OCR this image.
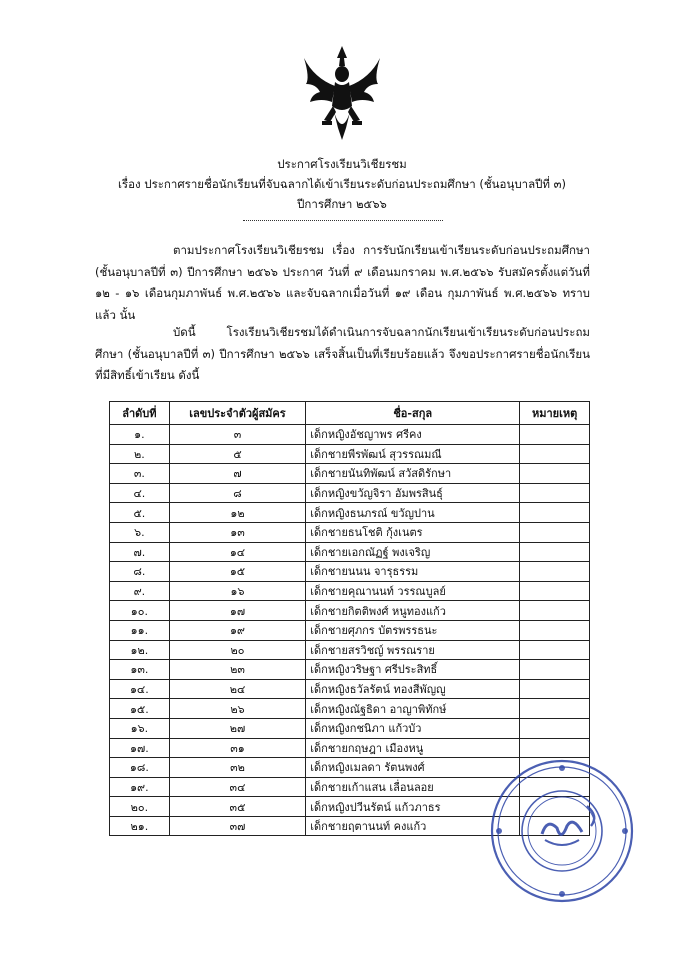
ประกาศโรงเรียนวิเชียรชม
เรื่อง ประกาศรายชื่อนักเรียนที่จับฉลากได้เข้าเรียนระดับก่อนประถมศึกษา (ชั้นอนุบาลปีที่ ๓)
ปีการศึกษา ๒๕๖๖
ตามประกาศโรงเรียนวิเชียรชม เรื่อง การรับนักเรียนเข้าเรียนระดับก่อนประถมศึกษา (ชั้นอนุบาลปีที่ ๓) ปีการศึกษา ๒๕๖๖ ประกาศ วันที่ ๙ เดือนมกราคม พ.ศ.๒๕๖๖ รับสมัครตั้งแต่วันที่ ๑๒ - ๑๖ เดือนกุมภาพันธ์ พ.ศ.๒๕๖๖ และจับฉลากเมื่อวันที่ ๑๙ เดือน กุมภาพันธ์ พ.ศ.๒๕๖๖ ทราบแล้ว นั้น
บัดนี้ โรงเรียนวิเชียรชมได้ดำเนินการจับฉลากนักเรียนเข้าเรียนระดับก่อนประถมศึกษา (ชั้นอนุบาลปีที่ ๓) ปีการศึกษา ๒๕๖๖ เสร็จสิ้นเป็นที่เรียบร้อยแล้ว จึงขอประกาศรายชื่อนักเรียนที่มีสิทธิ์เข้าเรียน ดังนี้
ลำดับที่	เลขประจำตัวผู้สมัคร	ชื่อ-สกุล	หมายเหตุ
๑.	๓	เด็กหญิงอัชญาพร ศรีคง	
๒.	๕	เด็กชายพีรพัฒน์ สุวรรณมณี	
๓.	๗	เด็กชายนันทิพัฒน์ สวัสดิรักษา	
๔.	๘	เด็กหญิงขวัญจิรา อัมพรสินธุ์	
๕.	๑๒	เด็กหญิงธนภรณ์ ขวัญปาน	
๖.	๑๓	เด็กชายธนโชติ กุ้งเนตร	
๗.	๑๔	เด็กชายเอกณัฏฐ์ พงเจริญ	
๘.	๑๕	เด็กชายนนน จารุธรรม	
๙.	๑๖	เด็กชายคุณานนท์ วรรณบูลย์	
๑๐.	๑๗	เด็กชายกิตติพงศ์ หนูทองแก้ว	
๑๑.	๑๙	เด็กชายศุภกร บัตรพรรธนะ	
๑๒.	๒๐	เด็กชายสรวิชญ์ พรรณราย	
๑๓.	๒๓	เด็กหญิงวริษฐา ศรีประสิทธิ์	
๑๔.	๒๔	เด็กหญิงธวัลรัตน์ ทองสีพัญญู	
๑๕.	๒๖	เด็กหญิงณัฐธิดา อาญาพิทักษ์	
๑๖.	๒๗	เด็กหญิงกชนิภา แก้วบัว	
๑๗.	๓๑	เด็กชายกฤษฎา เมืองหนู	
๑๘.	๓๒	เด็กหญิงเมลดา รัตนพงศ์	
๑๙.	๓๔	เด็กชายเก้าแสน เลื่อนลอย	
๒๐.	๓๕	เด็กหญิงปวีนรัตน์ แก้วภาธร	
๒๑.	๓๗	เด็กชายฤตานนท์ คงแก้ว	
